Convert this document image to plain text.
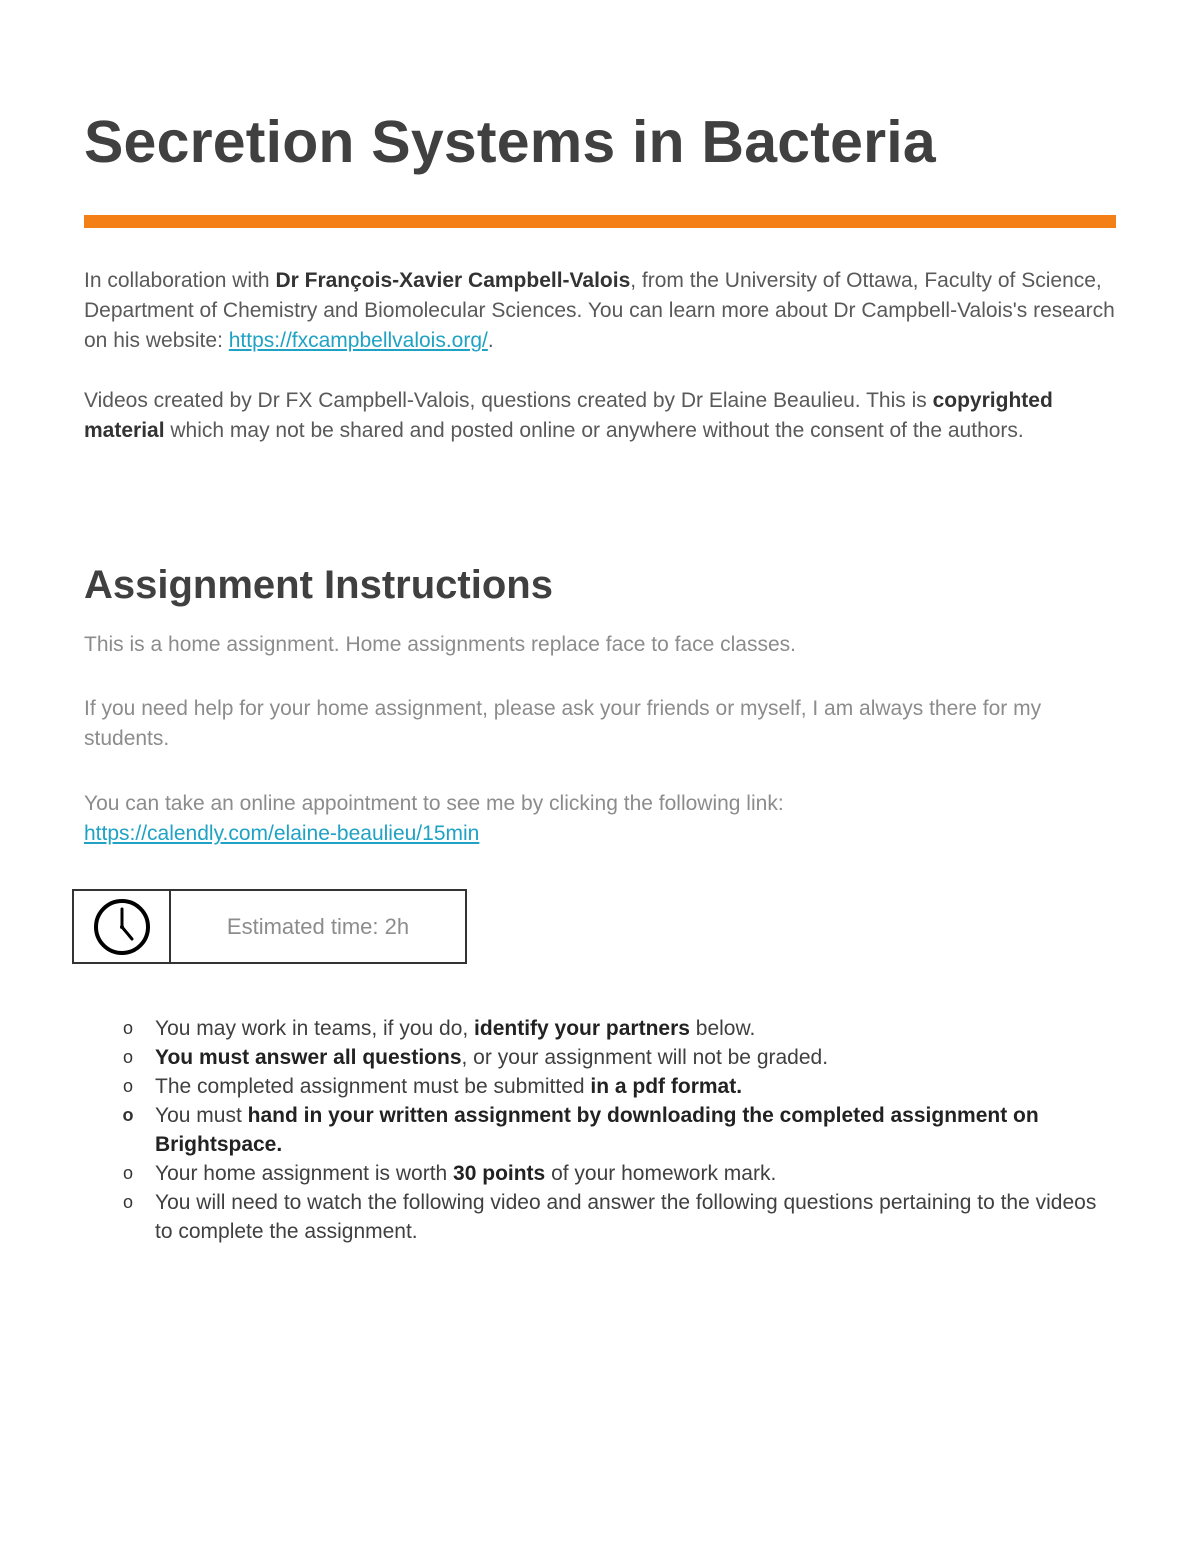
Secretion Systems in Bacteria

In collaboration with Dr François-Xavier Campbell-Valois, from the University of Ottawa, Faculty of Science, Department of Chemistry and Biomolecular Sciences. You can learn more about Dr Campbell-Valois's research on his website: https://fxcampbellvalois.org/.

Videos created by Dr FX Campbell-Valois, questions created by Dr Elaine Beaulieu. This is copyrighted material which may not be shared and posted online or anywhere without the consent of the authors.

Assignment Instructions

This is a home assignment. Home assignments replace face to face classes.

If you need help for your home assignment, please ask your friends or myself, I am always there for my students.

You can take an online appointment to see me by clicking the following link:
https://calendly.com/elaine-beaulieu/15min

Estimated time: 2h
o You may work in teams, if you do, identify your partners below.
o You must answer all questions, or your assignment will not be graded.
o The completed assignment must be submitted in a pdf format.
o You must hand in your written assignment by downloading the completed assignment on Brightspace.
o Your home assignment is worth 30 points of your homework mark.
o You will need to watch the following video and answer the following questions pertaining to the videos to complete the assignment.
